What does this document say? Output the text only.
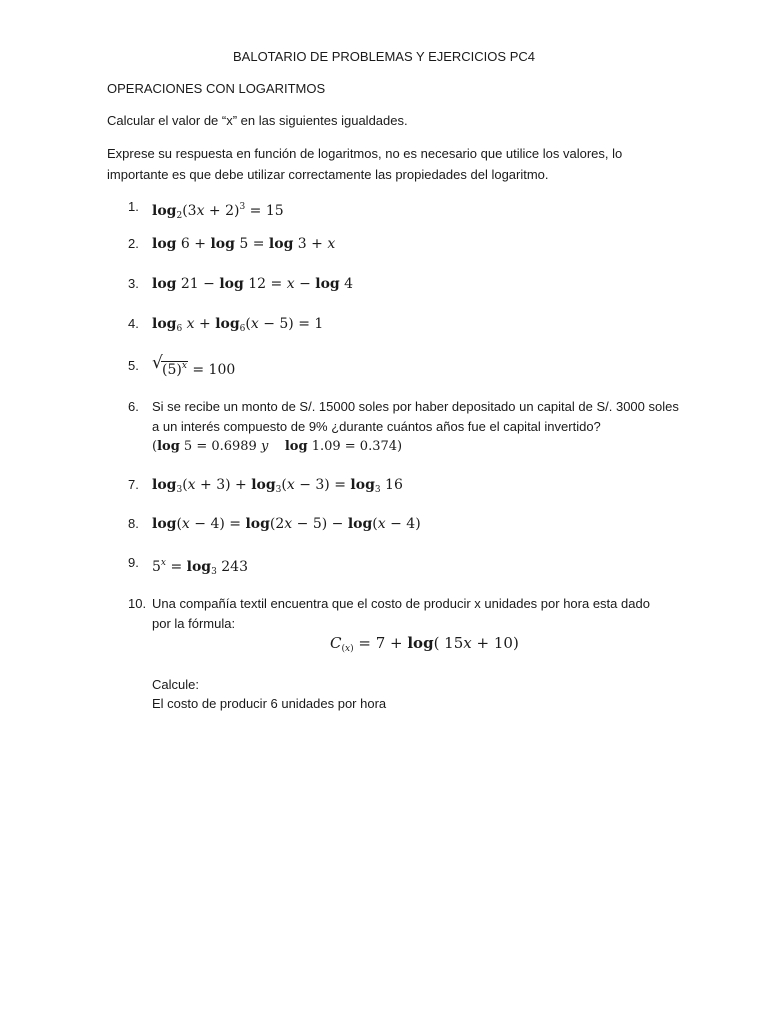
BALOTARIO DE PROBLEMAS Y EJERCICIOS PC4
OPERACIONES CON LOGARITMOS
Calcular el valor de “x” en las siguientes igualdades.
Exprese su respuesta en función de logaritmos, no es necesario que utilice los valores, lo
importante es que debe utilizar correctamente las propiedades del logaritmo.
1. $\log_2(3x + 2)^3 = 15$
2. log 6 + log 5 = log 3 + x
3. log 21 − log 12 = x − log 4
4. $\log_6 x + \log_6(x - 5) = 1$
5. √ $(5)^x = 100$
6.	Si se recibe un monto de S/. 15000 soles por haber depositado un capital de S/. 3000 soles
a un interés compuesto de 9% ¿durante cuántos años fue el capital invertido?
(log 5 = 0.6989 y log 1.09 = 0.374)
7. $\log_3(x + 3) + \log_3(x - 3) = \log_3 16$
8. log(x − 4) = log(2x − 5) − log(x − 4)
9. $5^x = \log_3 243$
10. Una compañía textil encuentra que el costo de producir x unidades por hora esta dado
por la fórmula:
$C_{(x)} = 7 + \log$( 15x + 10)
Calcule:
El costo de producir 6 unidades por hora
